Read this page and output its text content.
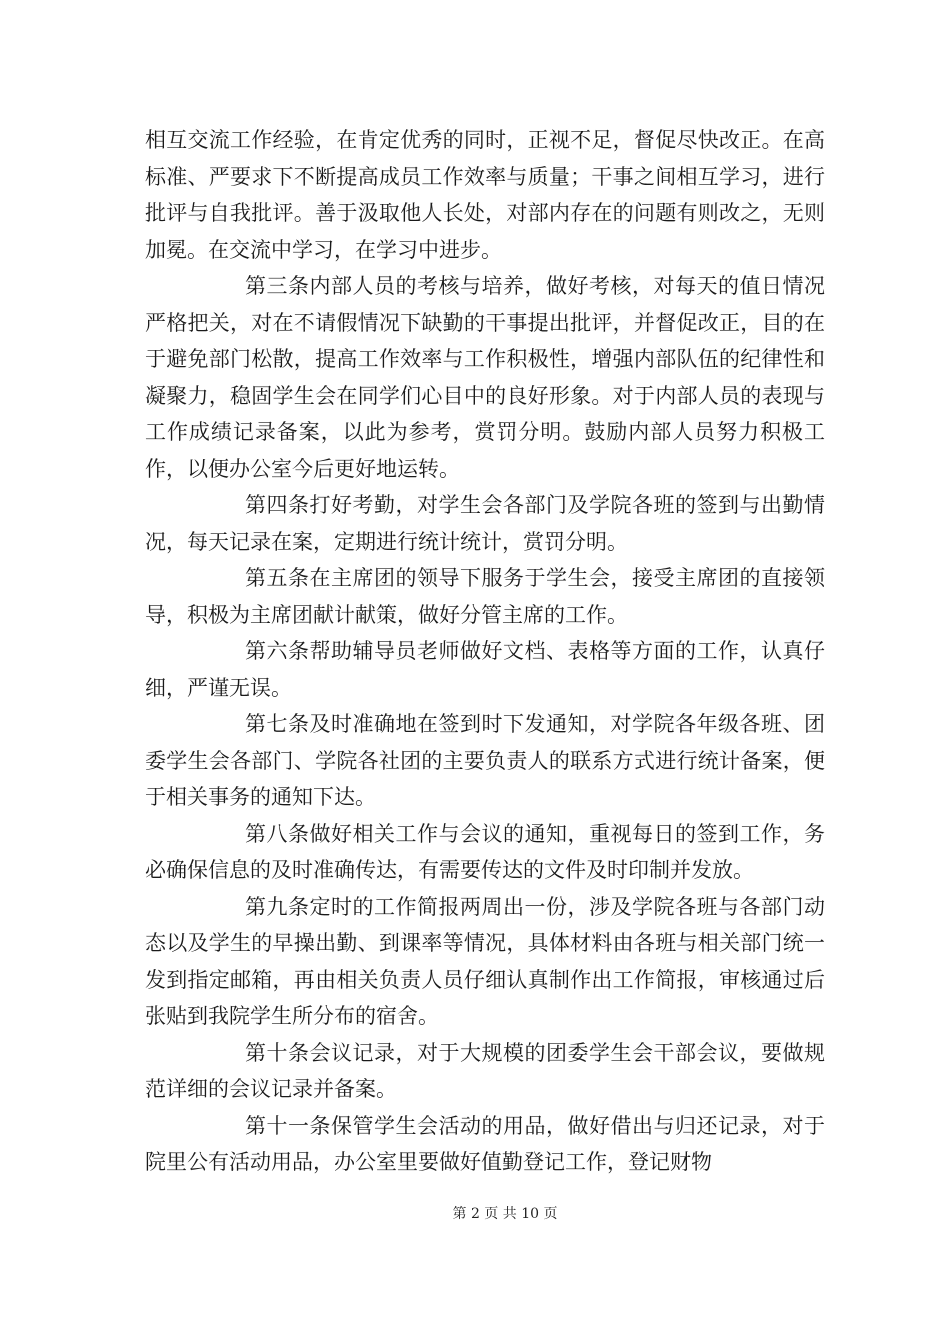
相互交流工作经验，在肯定优秀的同时，正视不足，督促尽快改正。在高标准、严要求下不断提高成员工作效率与质量；干事之间相互学习，进行批评与自我批评。善于汲取他人长处，对部内存在的问题有则改之，无则加冕。在交流中学习，在学习中进步。

第三条内部人员的考核与培养，做好考核，对每天的值日情况严格把关，对在不请假情况下缺勤的干事提出批评，并督促改正，目的在于避免部门松散，提高工作效率与工作积极性，增强内部队伍的纪律性和凝聚力，稳固学生会在同学们心目中的良好形象。对于内部人员的表现与工作成绩记录备案，以此为参考，赏罚分明。鼓励内部人员努力积极工作，以便办公室今后更好地运转。

第四条打好考勤，对学生会各部门及学院各班的签到与出勤情况，每天记录在案，定期进行统计统计，赏罚分明。

第五条在主席团的领导下服务于学生会，接受主席团的直接领导，积极为主席团献计献策，做好分管主席的工作。

第六条帮助辅导员老师做好文档、表格等方面的工作，认真仔细，严谨无误。

第七条及时准确地在签到时下发通知，对学院各年级各班、团委学生会各部门、学院各社团的主要负责人的联系方式进行统计备案，便于相关事务的通知下达。

第八条做好相关工作与会议的通知，重视每日的签到工作，务必确保信息的及时准确传达，有需要传达的文件及时印制并发放。

第九条定时的工作简报两周出一份，涉及学院各班与各部门动态以及学生的早操出勤、到课率等情况，具体材料由各班与相关部门统一发到指定邮箱，再由相关负责人员仔细认真制作出工作简报，审核通过后张贴到我院学生所分布的宿舍。

第十条会议记录，对于大规模的团委学生会干部会议，要做规范详细的会议记录并备案。

第十一条保管学生会活动的用品，做好借出与归还记录，对于院里公有活动用品，办公室里要做好值勤登记工作，登记财物

第 2 页 共 10 页
